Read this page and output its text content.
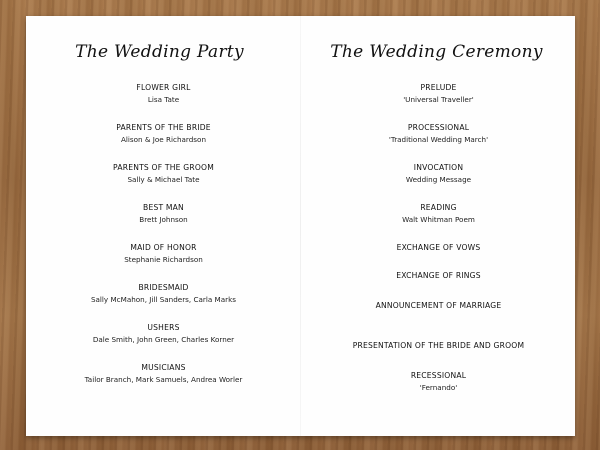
The Wedding Party
FLOWER GIRL
Lisa Tate
PARENTS OF THE BRIDE
Alison & Joe Richardson
PARENTS OF THE GROOM
Sally & Michael Tate
BEST MAN
Brett Johnson
MAID OF HONOR
Stephanie Richardson
BRIDESMAID
Sally McMahon, Jill Sanders, Carla Marks
USHERS
Dale Smith, John Green, Charles Korner
MUSICIANS
Tailor Branch, Mark Samuels, Andrea Worler
The Wedding Ceremony
PRELUDE
'Universal Traveller'
PROCESSIONAL
'Traditional Wedding March'
INVOCATION
Wedding Message
READING
Walt Whitman Poem
EXCHANGE OF VOWS
EXCHANGE OF RINGS
ANNOUNCEMENT OF MARRIAGE
PRESENTATION OF THE BRIDE AND GROOM
RECESSIONAL
'Fernando'
